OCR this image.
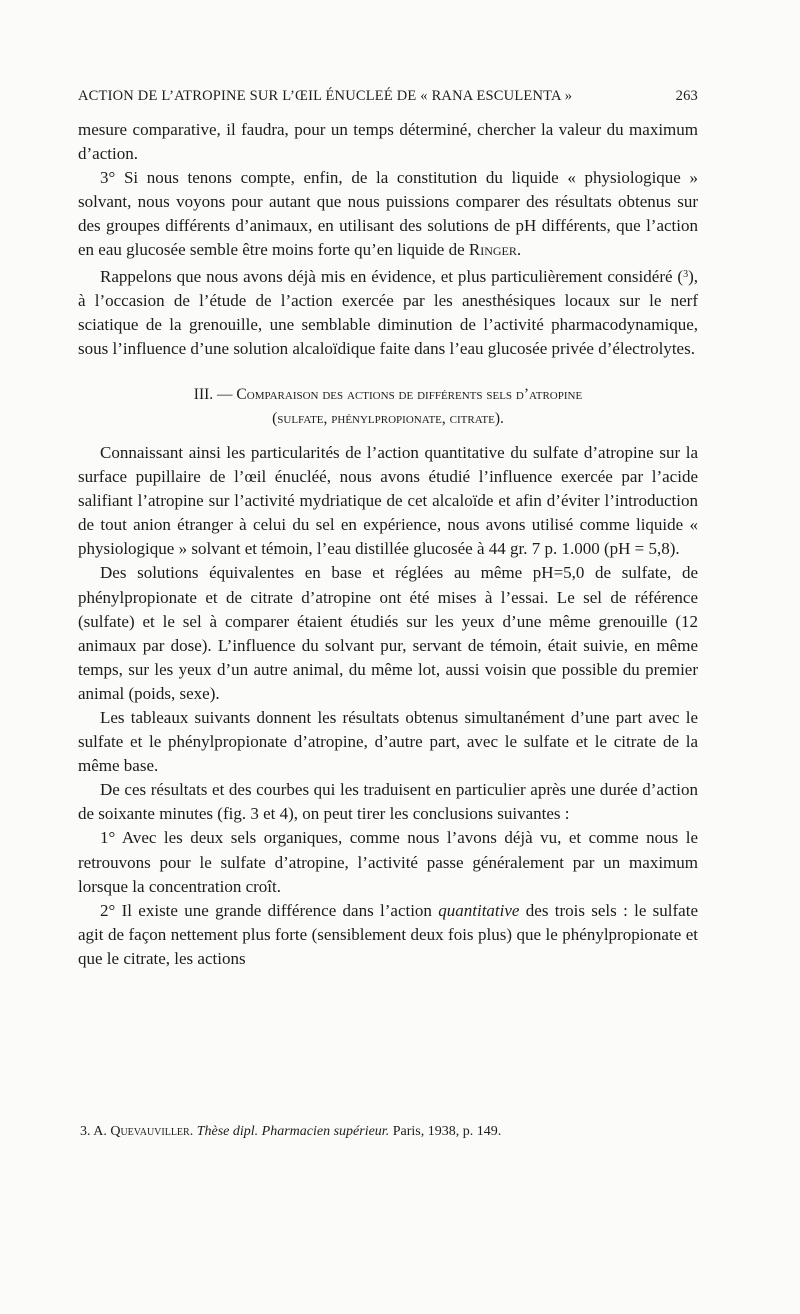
ACTION DE L’ATROPINE SUR L’ŒIL ÉNUCLEÉ DE « RANA ESCULENTA »	263

mesure comparative, il faudra, pour un temps déterminé, chercher la valeur du maximum d’action.

3° Si nous tenons compte, enfin, de la constitution du liquide « physiologique » solvant, nous voyons pour autant que nous puissions comparer des résultats obtenus sur des groupes différents d’animaux, en utilisant des solutions de pH différents, que l’action en eau glucosée semble être moins forte qu’en liquide de Ringer.

Rappelons que nous avons déjà mis en évidence, et plus particulièrement considéré ($^3$), à l’occasion de l’étude de l’action exercée par les anesthésiques locaux sur le nerf sciatique de la grenouille, une semblable diminution de l’activité pharmacodynamique, sous l’influence d’une solution alcaloïdique faite dans l’eau glucosée privée d’électrolytes.

III. — Comparaison des actions de différents sels d’atropine
(sulfate, phénylpropionate, citrate).

Connaissant ainsi les particularités de l’action quantitative du sulfate d’atropine sur la surface pupillaire de l’œil énucléé, nous avons étudié l’influence exercée par l’acide salifiant l’atropine sur l’activité mydriatique de cet alcaloïde et afin d’éviter l’introduction de tout anion étranger à celui du sel en expérience, nous avons utilisé comme liquide « physiologique » solvant et témoin, l’eau distillée glucosée à 44 gr. 7 p. 1.000 (pH = 5,8).

Des solutions équivalentes en base et réglées au même pH=5,0 de sulfate, de phénylpropionate et de citrate d’atropine ont été mises à l’essai. Le sel de référence (sulfate) et le sel à comparer étaient étudiés sur les yeux d’une même grenouille (12 animaux par dose). L’influence du solvant pur, servant de témoin, était suivie, en même temps, sur les yeux d’un autre animal, du même lot, aussi voisin que possible du premier animal (poids, sexe).

Les tableaux suivants donnent les résultats obtenus simultanément d’une part avec le sulfate et le phénylpropionate d’atropine, d’autre part, avec le sulfate et le citrate de la même base.

De ces résultats et des courbes qui les traduisent en particulier après une durée d’action de soixante minutes (fig. 3 et 4), on peut tirer les conclusions suivantes :

1° Avec les deux sels organiques, comme nous l’avons déjà vu, et comme nous le retrouvons pour le sulfate d’atropine, l’activité passe généralement par un maximum lorsque la concentration croît.

2° Il existe une grande différence dans l’action quantitative des trois sels : le sulfate agit de façon nettement plus forte (sensiblement deux fois plus) que le phénylpropionate et que le citrate, les actions

3. A. Quevauviller. Thèse dipl. Pharmacien supérieur. Paris, 1938, p. 149.
